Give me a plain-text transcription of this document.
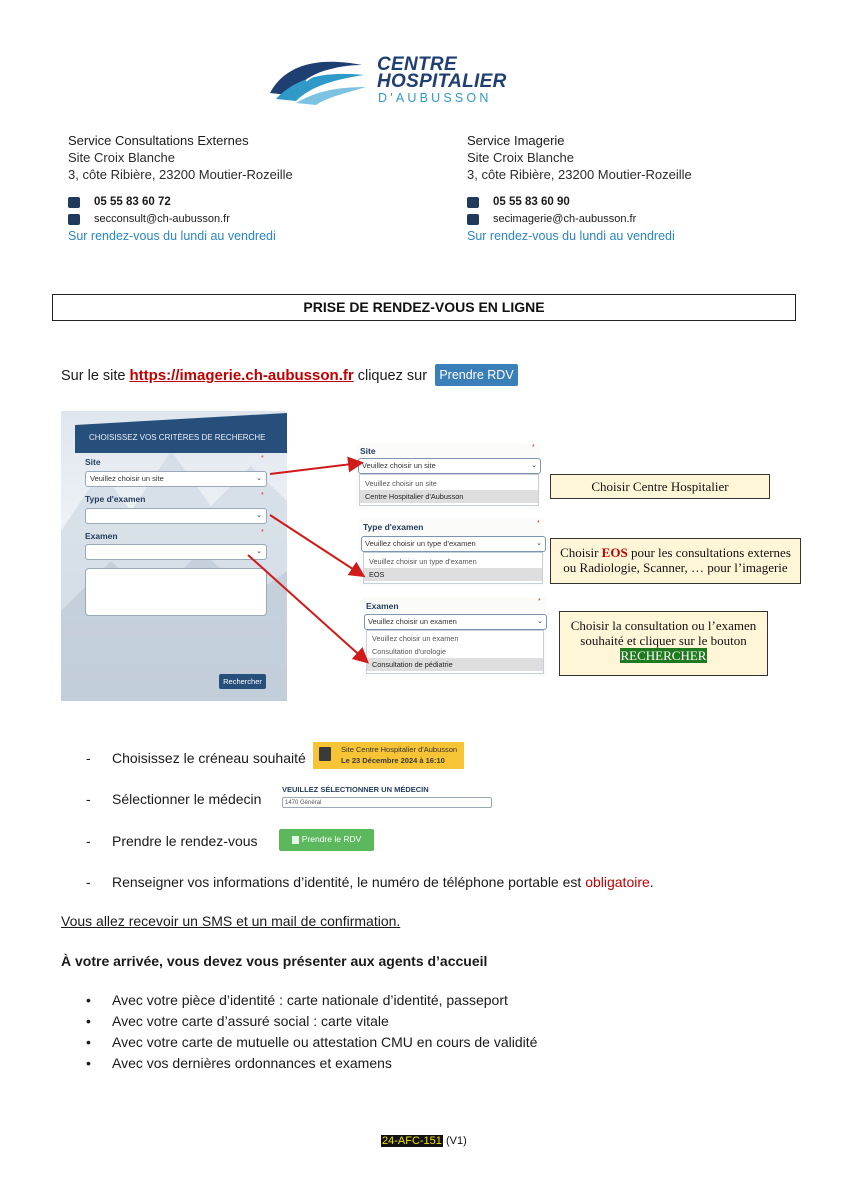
CENTRE
HOSPITALIER
D'AUBUSSON
Service Consultations Externes
Site Croix Blanche
3, côte Ribière, 23200 Moutier-Rozeille
05 55 83 60 72
secconsult@ch-aubusson.fr
Sur rendez-vous du lundi au vendredi
Service Imagerie
Site Croix Blanche
3, côte Ribière, 23200 Moutier-Rozeille
05 55 83 60 90
secimagerie@ch-aubusson.fr
Sur rendez-vous du lundi au vendredi
PRISE DE RENDEZ-VOUS EN LIGNE
Sur le site https://imagerie.ch-aubusson.fr cliquez sur Prendre RDV
CHOISISSEZ VOS CRITÈRES DE RECHERCHE
Site	*
Veuillez choisir un site	⌄
Type d'examen	*
⌄
Examen	*
⌄
Rechercher
Site	*
Veuillez choisir un site	⌄
Veuillez choisir un site
Centre Hospitalier d'Aubusson
Type d'examen	*
Veuillez choisir un type d'examen	⌄
Veuillez choisir un type d'examen
EOS
Examen	*
Veuillez choisir un examen	⌄
Veuillez choisir un examen
Consultation d'urologie
Consultation de pédiatrie
Choisir Centre Hospitalier
Choisir EOS pour les consultations externes
ou Radiologie, Scanner, … pour l’imagerie
Choisir la consultation ou l’examen
souhaité et cliquer sur le bouton
RECHERCHER
- Choisissez le créneau souhaité
Site Centre Hospitalier d'Aubusson
Le 23 Décembre 2024 à 16:10
- Sélectionner le médecin
VEUILLEZ SÉLECTIONNER UN MÉDECIN
1470 Général
- Prendre le rendez-vous	Prendre le RDV
- Renseigner vos informations d’identité, le numéro de téléphone portable est obligatoire.
Vous allez recevoir un SMS et un mail de confirmation.
À votre arrivée, vous devez vous présenter aux agents d’accueil
• Avec votre pièce d’identité : carte nationale d’identité, passeport
• Avec votre carte d’assuré social : carte vitale
• Avec votre carte de mutuelle ou attestation CMU en cours de validité
• Avec vos dernières ordonnances et examens
24-AFC-151 (V1)
